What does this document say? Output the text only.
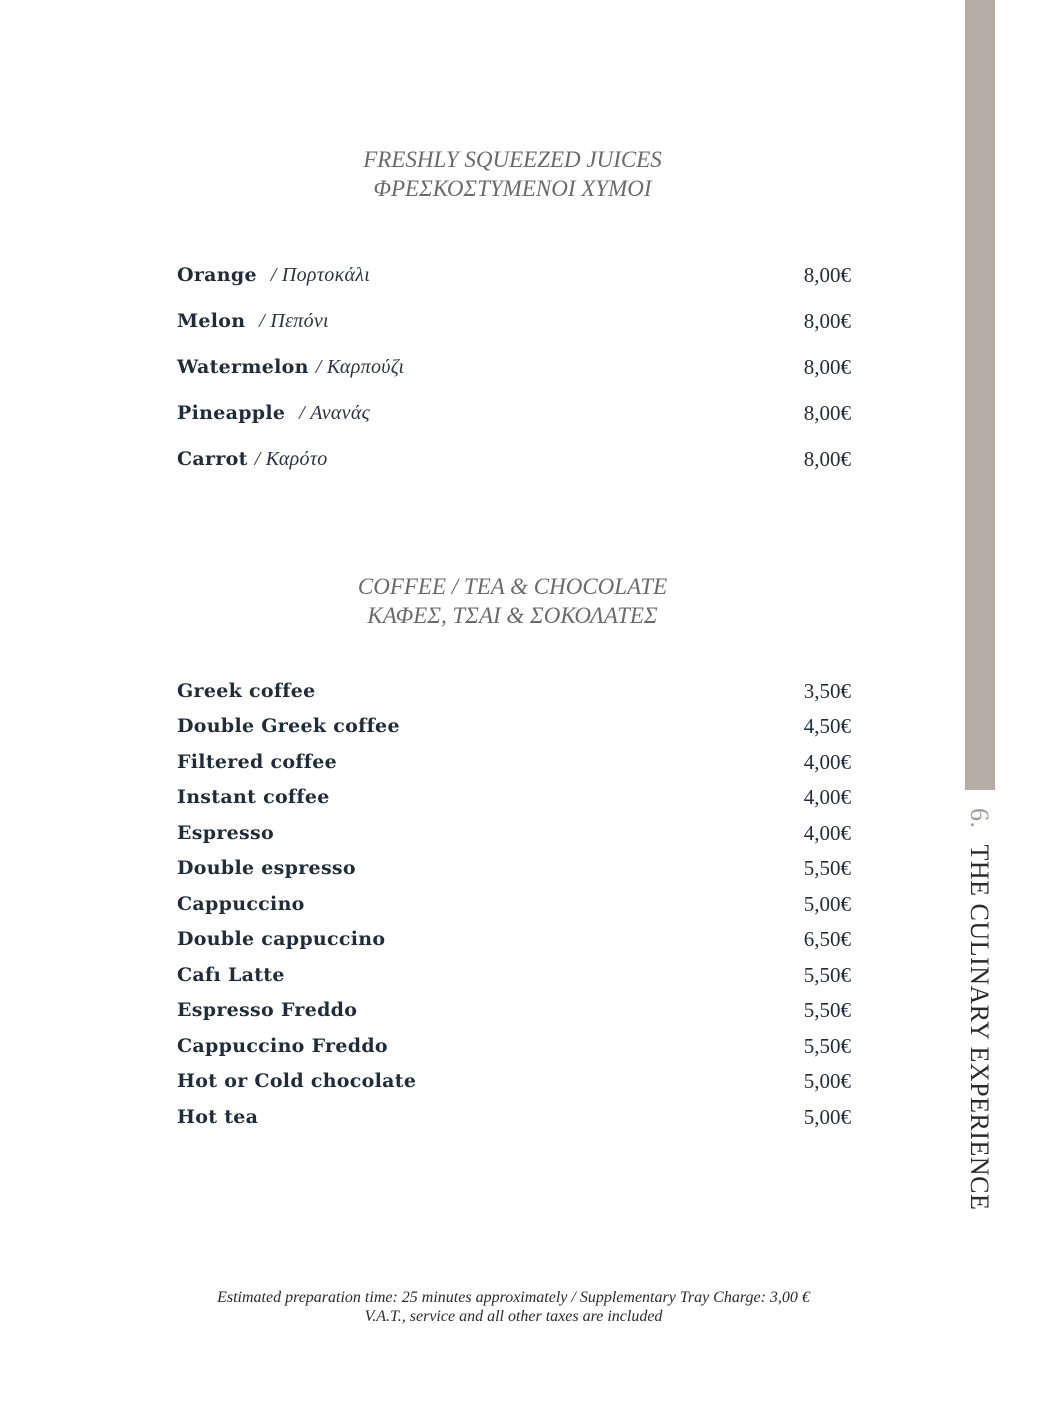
6.THE CULINARY EXPERIENCE
FRESHLY SQUEEZED JUICES
ΦΡΕΣΚΟΣΤΥΜΕΝΟΙ ΧΥΜΟΙ
Orange / Πορτοκάλι	8,00€
Melon / Πεπόνι	8,00€
Watermelon / Καρπούζι	8,00€
Pineapple / Ανανάς	8,00€
Carrot / Καρότο	8,00€
COFFEE / TEA & CHOCOLATE
ΚΑΦΕΣ, ΤΣΑΙ & ΣΟΚΟΛΑΤΕΣ
Greek coffee	3,50€
Double Greek coffee	4,50€
Filtered coffee	4,00€
Instant coffee	4,00€
Espresso	4,00€
Double espresso	5,50€
Cappuccino	5,00€
Double cappuccino	6,50€
Cafı Latte	5,50€
Espresso Freddo	5,50€
Cappuccino Freddo	5,50€
Hot or Cold chocolate	5,00€
Hot tea	5,00€
Estimated preparation time: 25 minutes approximately / Supplementary Tray Charge: 3,00 €
V.A.T., service and all other taxes are included
